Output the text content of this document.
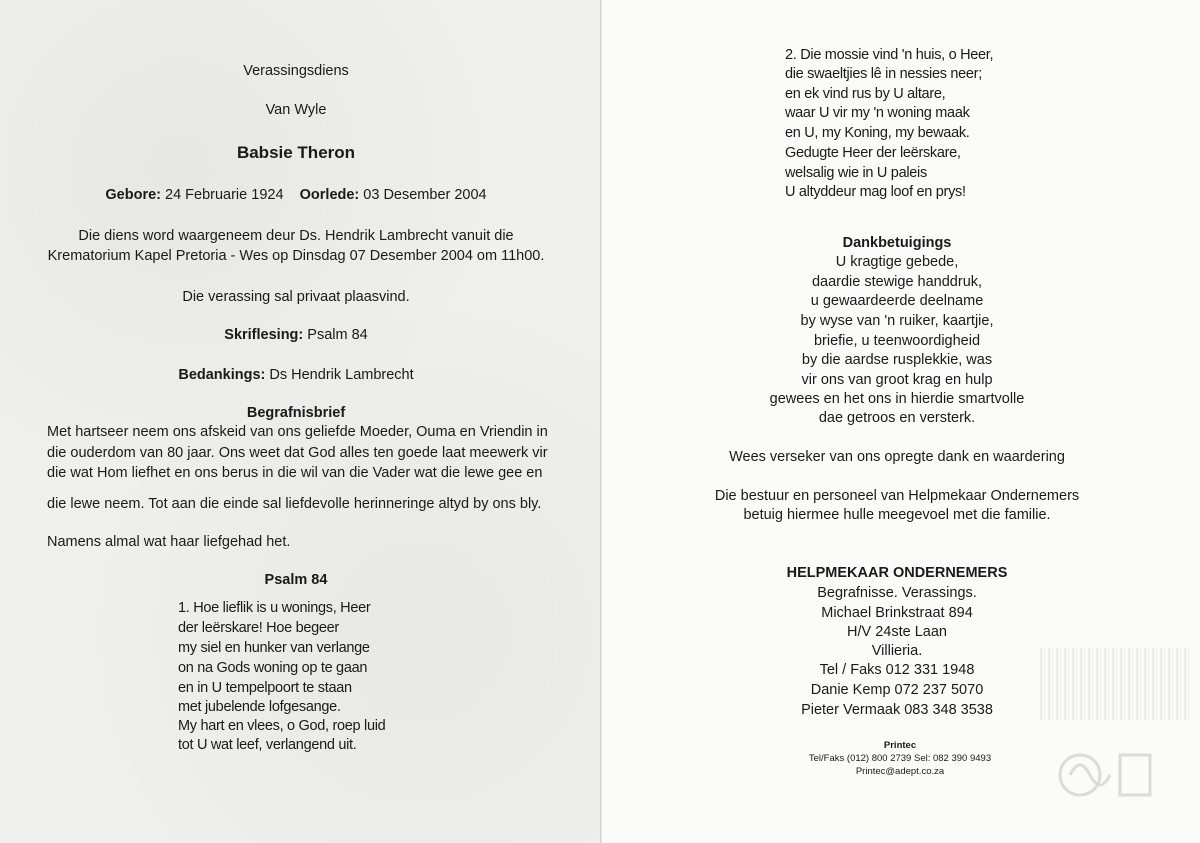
Verassingsdiens
Van Wyle
Babsie Theron
Gebore: 24 Februarie 1924 Oorlede: 03 Desember 2004
Die diens word waargeneem deur Ds. Hendrik Lambrecht vanuit die
Krematorium Kapel Pretoria - Wes op Dinsdag 07 Desember 2004 om 11h00.
Die verassing sal privaat plaasvind.
Skriflesing: Psalm 84
Bedankings: Ds Hendrik Lambrecht
Begrafnisbrief
Met hartseer neem ons afskeid van ons geliefde Moeder, Ouma en Vriendin in
die ouderdom van 80 jaar. Ons weet dat God alles ten goede laat meewerk vir
die wat Hom liefhet en ons berus in die wil van die Vader wat die lewe gee en
die lewe neem. Tot aan die einde sal liefdevolle herinneringe altyd by ons bly.
Namens almal wat haar liefgehad het.
Psalm 84
1. Hoe lieflik is u wonings, Heer
der leërskare! Hoe begeer
my siel en hunker van verlange
on na Gods woning op te gaan
en in U tempelpoort te staan
met jubelende lofgesange.
My hart en vlees, o God, roep luid
tot U wat leef, verlangend uit.
2. Die mossie vind 'n huis, o Heer,
die swaeltjies lê in nessies neer;
en ek vind rus by U altare,
waar U vir my 'n woning maak
en U, my Koning, my bewaak.
Gedugte Heer der leërskare,
welsalig wie in U paleis
U altyddeur mag loof en prys!
Dankbetuigings
U kragtige gebede,
daardie stewige handdruk,
u gewaardeerde deelname
by wyse van 'n ruiker, kaartjie,
briefie, u teenwoordigheid
by die aardse rusplekkie, was
vir ons van groot krag en hulp
gewees en het ons in hierdie smartvolle
dae getroos en versterk.
Wees verseker van ons opregte dank en waardering
Die bestuur en personeel van Helpmekaar Ondernemers
betuig hiermee hulle meegevoel met die familie.
HELPMEKAAR ONDERNEMERS
Begrafnisse. Verassings.
Michael Brinkstraat 894
H/V 24ste Laan
Villieria.
Tel / Faks 012 331 1948
Danie Kemp 072 237 5070
Pieter Vermaak 083 348 3538
Printec
Tel/Faks (012) 800 2739 Sel: 082 390 9493
Printec@adept.co.za
